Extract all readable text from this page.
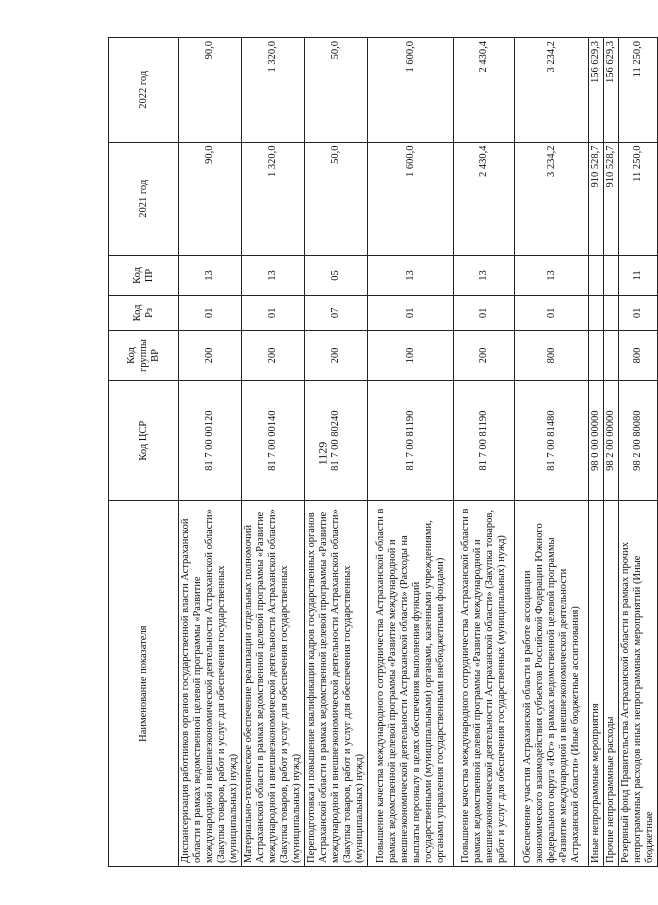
1129
Наименование показателя	Код ЦСР	Код группы ВР	Код Рз	Код ПР	2021 год	2022 год
Диспансеризация работников органов государственной власти Астраханской области в рамках ведомственной целевой программы «Развитие международной и внешнеэкономической деятельности Астраханской области» (Закупка товаров, работ и услуг для обеспечения государственных (муниципальных) нужд)	81 7 00 00120	200	01	13	90,0	90,0
Материально-техническое обеспечение реализации отдельных полномочий Астраханской области в рамках ведомственной целевой программы «Развитие международной и внешнеэкономической деятельности Астраханской области» (Закупка товаров, работ и услуг для обеспечения государственных (муниципальных) нужд)	81 7 00 00140	200	01	13	1 320,0	1 320,0
Переподготовка и повышение квалификации кадров государственных органов Астраханской области в рамках ведомственной целевой программы «Развитие международной и внешнеэкономической деятельности Астраханской области» (Закупка товаров, работ и услуг для обеспечения государственных (муниципальных) нужд)	81 7 00 80240	200	07	05	50,0	50,0
Повышение качества международного сотрудничества Астраханской области в рамках ведомственной целевой программы «Развитие международной и внешнеэкономической деятельности Астраханской области» (Расходы на выплаты персоналу в целях обеспечения выполнения функций государственными (муниципальными) органами, казенными учреждениями, органами управления государственными внебюджетными фондами)	81 7 00 81190	100	01	13	1 600,0	1 600,0
Повышение качества международного сотрудничества Астраханской области в рамках ведомственной целевой программы «Развитие международной и внешнеэкономической деятельности Астраханской области» (Закупка товаров, работ и услуг для обеспечения государственных (муниципальных) нужд)	81 7 00 81190	200	01	13	2 430,4	2 430,4
Обеспечение участия Астраханской области в работе ассоциации экономического взаимодействия субъектов Российской Федерации Южного федерального округа «Юг» в рамках ведомственной целевой программы «Развитие международной и внешнеэкономической деятельности Астраханской области» (Иные бюджетные ассигнования)	81 7 00 81480	800	01	13	3 234,2	3 234,2
Иные непрограммные мероприятия	98 0 00 00000				910 528,7	156 629,3
Прочие непрограммные расходы	98 2 00 00000				910 528,7	156 629,3
Резервный фонд Правительства Астраханской области в рамках прочих непрограммных расходов иных непрограммных мероприятий (Иные бюджетные	98 2 00 80080	800	01	11	11 250,0	11 250,0
